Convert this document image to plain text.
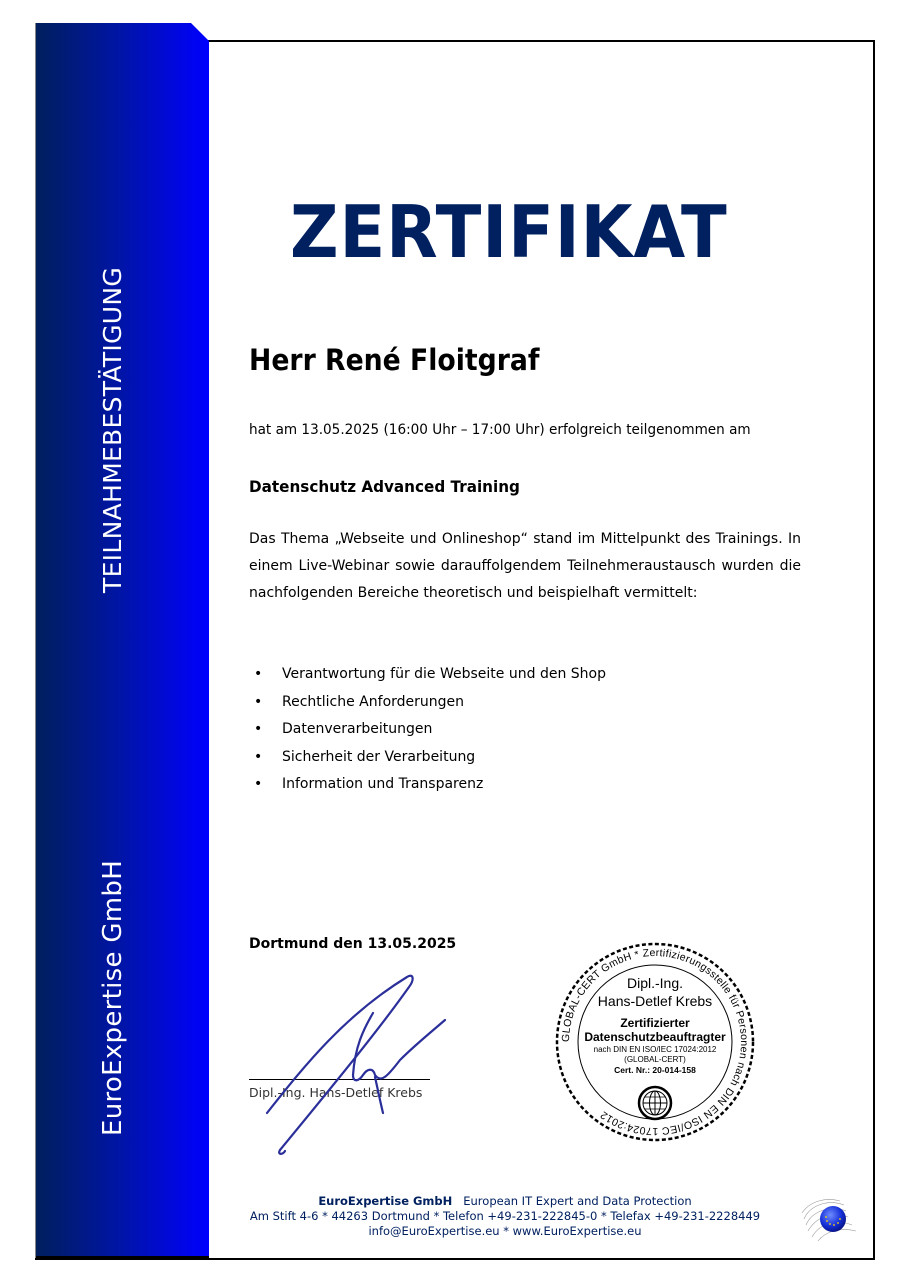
TEILNAHMEBESTÄTIGUNG
EuroExpertise GmbH
ZERTIFIKAT
Herr René Floitgraf
hat am 13.05.2025 (16:00 Uhr – 17:00 Uhr) erfolgreich teilgenommen am
Datenschutz Advanced Training
Das Thema „Webseite und Onlineshop“ stand im Mittelpunkt des Trainings. In einem Live-Webinar sowie darauffolgendem Teilnehmeraustausch wurden die nachfolgenden Bereiche theoretisch und beispielhaft vermittelt:
• Verantwortung für die Webseite und den Shop
• Rechtliche Anforderungen
• Datenverarbeitungen
• Sicherheit der Verarbeitung
• Information und Transparenz
Dortmund den 13.05.2025
Dipl.-Ing. Hans-Detlef Krebs
GLOBAL-CERT GmbH * Zertifizierungsstelle für Personen nach DIN EN ISO/IEC 17024:2012
Dipl.-Ing.
Hans-Detlef Krebs
Zertifizierter
Datenschutzbeauftragter
nach DIN EN ISO/IEC 17024:2012
(GLOBAL-CERT)
Cert. Nr.: 20-014-158
EuroExpertise GmbH European IT Expert and Data Protection
Am Stift 4-6 * 44263 Dortmund * Telefon +49-231-222845-0 * Telefax +49-231-2228449
info@EuroExpertise.eu * www.EuroExpertise.eu
